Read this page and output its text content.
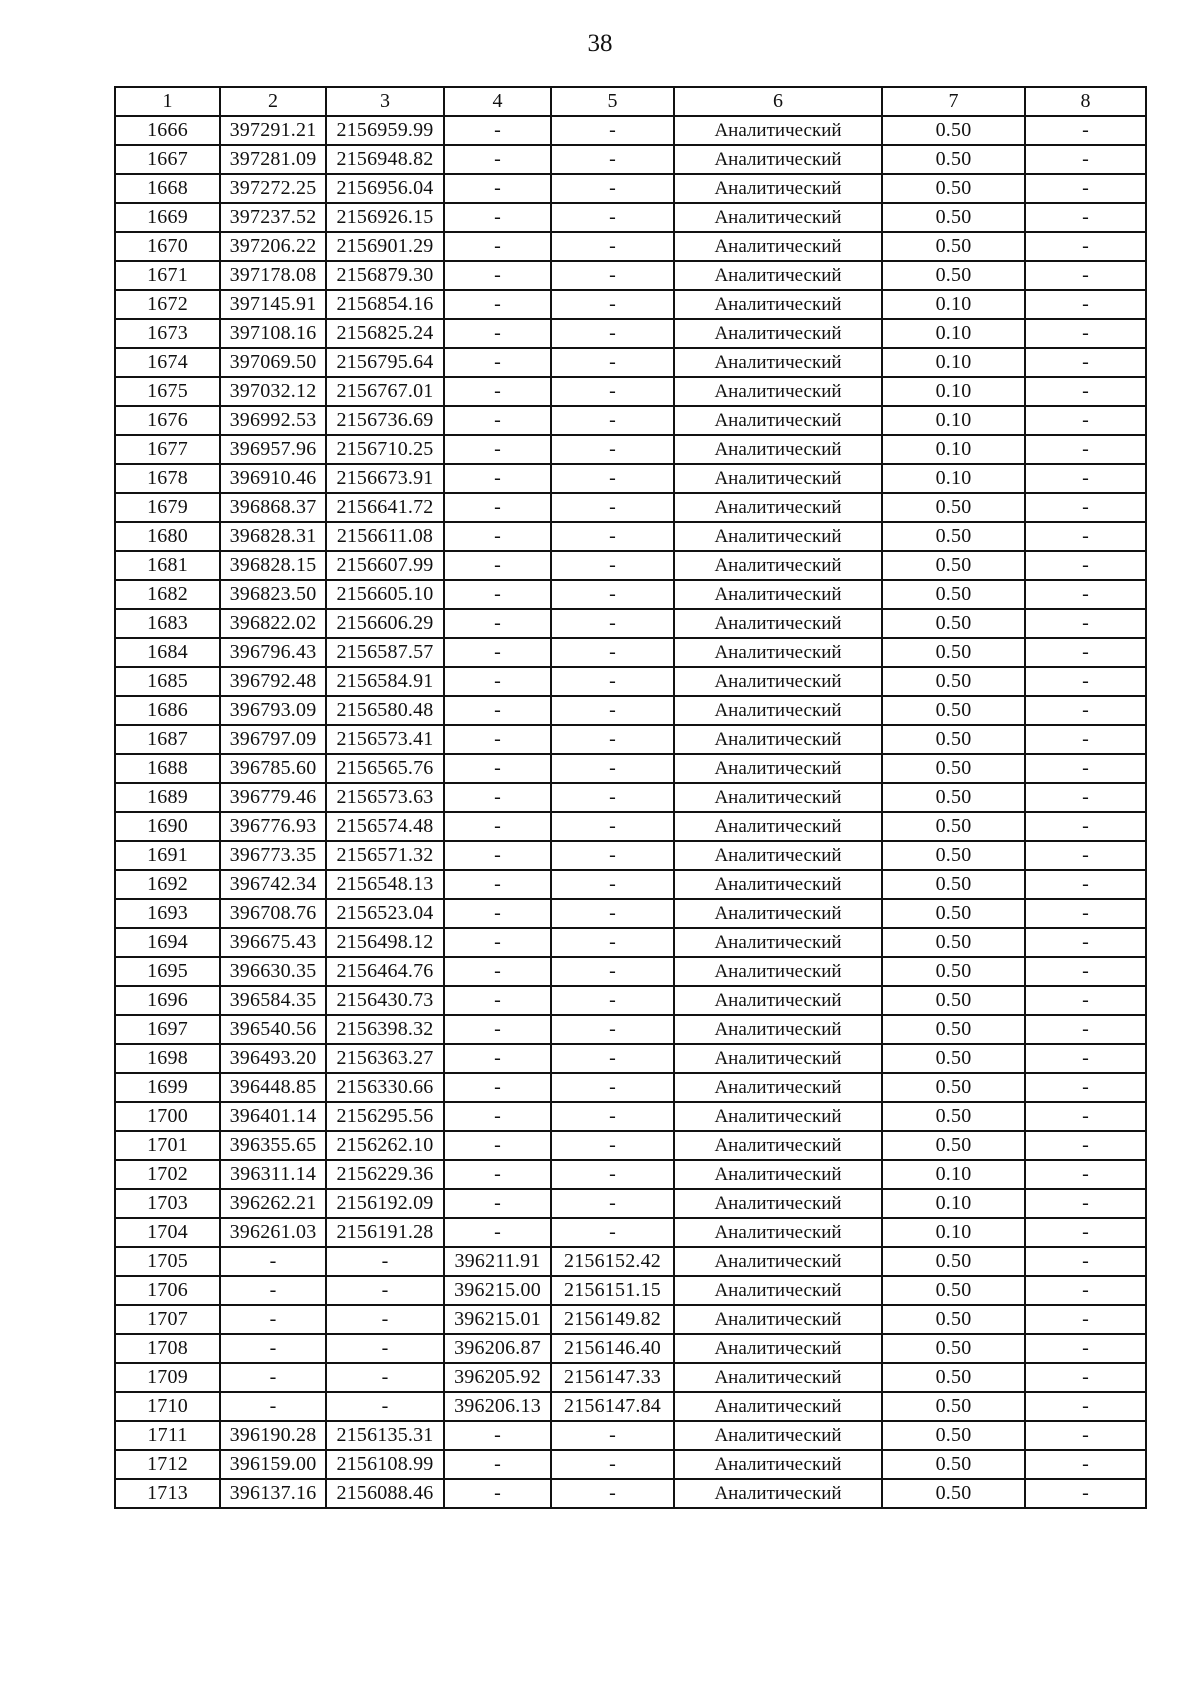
38
1	2	3	4	5	6	7	8
1666	397291.21	2156959.99	-	-	Аналитический	0.50	-
1667	397281.09	2156948.82	-	-	Аналитический	0.50	-
1668	397272.25	2156956.04	-	-	Аналитический	0.50	-
1669	397237.52	2156926.15	-	-	Аналитический	0.50	-
1670	397206.22	2156901.29	-	-	Аналитический	0.50	-
1671	397178.08	2156879.30	-	-	Аналитический	0.50	-
1672	397145.91	2156854.16	-	-	Аналитический	0.10	-
1673	397108.16	2156825.24	-	-	Аналитический	0.10	-
1674	397069.50	2156795.64	-	-	Аналитический	0.10	-
1675	397032.12	2156767.01	-	-	Аналитический	0.10	-
1676	396992.53	2156736.69	-	-	Аналитический	0.10	-
1677	396957.96	2156710.25	-	-	Аналитический	0.10	-
1678	396910.46	2156673.91	-	-	Аналитический	0.10	-
1679	396868.37	2156641.72	-	-	Аналитический	0.50	-
1680	396828.31	2156611.08	-	-	Аналитический	0.50	-
1681	396828.15	2156607.99	-	-	Аналитический	0.50	-
1682	396823.50	2156605.10	-	-	Аналитический	0.50	-
1683	396822.02	2156606.29	-	-	Аналитический	0.50	-
1684	396796.43	2156587.57	-	-	Аналитический	0.50	-
1685	396792.48	2156584.91	-	-	Аналитический	0.50	-
1686	396793.09	2156580.48	-	-	Аналитический	0.50	-
1687	396797.09	2156573.41	-	-	Аналитический	0.50	-
1688	396785.60	2156565.76	-	-	Аналитический	0.50	-
1689	396779.46	2156573.63	-	-	Аналитический	0.50	-
1690	396776.93	2156574.48	-	-	Аналитический	0.50	-
1691	396773.35	2156571.32	-	-	Аналитический	0.50	-
1692	396742.34	2156548.13	-	-	Аналитический	0.50	-
1693	396708.76	2156523.04	-	-	Аналитический	0.50	-
1694	396675.43	2156498.12	-	-	Аналитический	0.50	-
1695	396630.35	2156464.76	-	-	Аналитический	0.50	-
1696	396584.35	2156430.73	-	-	Аналитический	0.50	-
1697	396540.56	2156398.32	-	-	Аналитический	0.50	-
1698	396493.20	2156363.27	-	-	Аналитический	0.50	-
1699	396448.85	2156330.66	-	-	Аналитический	0.50	-
1700	396401.14	2156295.56	-	-	Аналитический	0.50	-
1701	396355.65	2156262.10	-	-	Аналитический	0.50	-
1702	396311.14	2156229.36	-	-	Аналитический	0.10	-
1703	396262.21	2156192.09	-	-	Аналитический	0.10	-
1704	396261.03	2156191.28	-	-	Аналитический	0.10	-
1705	-	-	396211.91	2156152.42	Аналитический	0.50	-
1706	-	-	396215.00	2156151.15	Аналитический	0.50	-
1707	-	-	396215.01	2156149.82	Аналитический	0.50	-
1708	-	-	396206.87	2156146.40	Аналитический	0.50	-
1709	-	-	396205.92	2156147.33	Аналитический	0.50	-
1710	-	-	396206.13	2156147.84	Аналитический	0.50	-
1711	396190.28	2156135.31	-	-	Аналитический	0.50	-
1712	396159.00	2156108.99	-	-	Аналитический	0.50	-
1713	396137.16	2156088.46	-	-	Аналитический	0.50	-
